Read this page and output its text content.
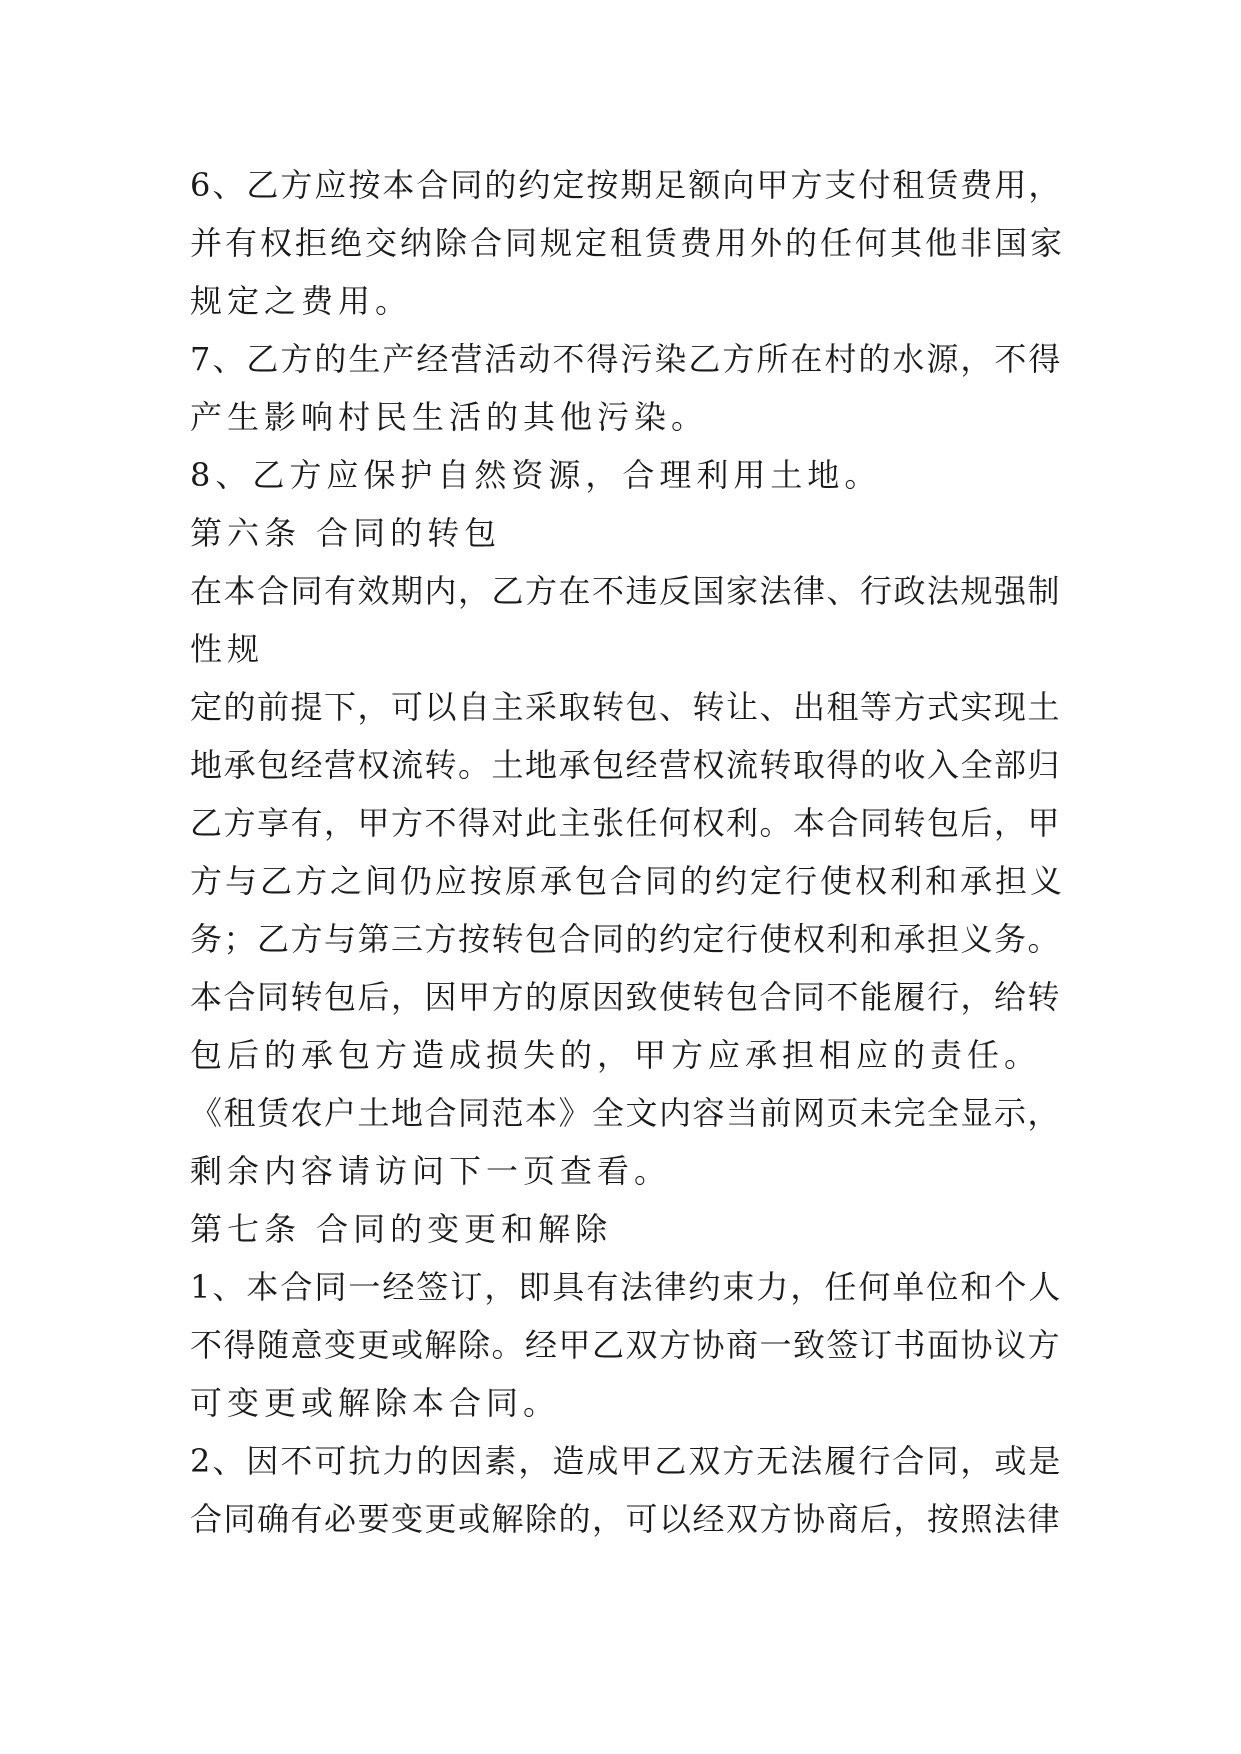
6、乙方应按本合同的约定按期足额向甲方支付租赁费用，
并有权拒绝交纳除合同规定租赁费用外的任何其他非国家
规定之费用。
7、乙方的生产经营活动不得污染乙方所在村的水源，不得
产生影响村民生活的其他污染。
8、乙方应保护自然资源，合理利用土地。
第六条 合同的转包
在本合同有效期内，乙方在不违反国家法律、行政法规强制
性规
定的前提下，可以自主采取转包、转让、出租等方式实现土
地承包经营权流转。土地承包经营权流转取得的收入全部归
乙方享有，甲方不得对此主张任何权利。本合同转包后，甲
方与乙方之间仍应按原承包合同的约定行使权利和承担义
务；乙方与第三方按转包合同的约定行使权利和承担义务。
本合同转包后，因甲方的原因致使转包合同不能履行，给转
包后的承包方造成损失的，甲方应承担相应的责任。
《租赁农户土地合同范本》全文内容当前网页未完全显示，
剩余内容请访问下一页查看。
第七条 合同的变更和解除
1、本合同一经签订，即具有法律约束力，任何单位和个人
不得随意变更或解除。经甲乙双方协商一致签订书面协议方
可变更或解除本合同。
2、因不可抗力的因素，造成甲乙双方无法履行合同，或是
合同确有必要变更或解除的，可以经双方协商后，按照法律
